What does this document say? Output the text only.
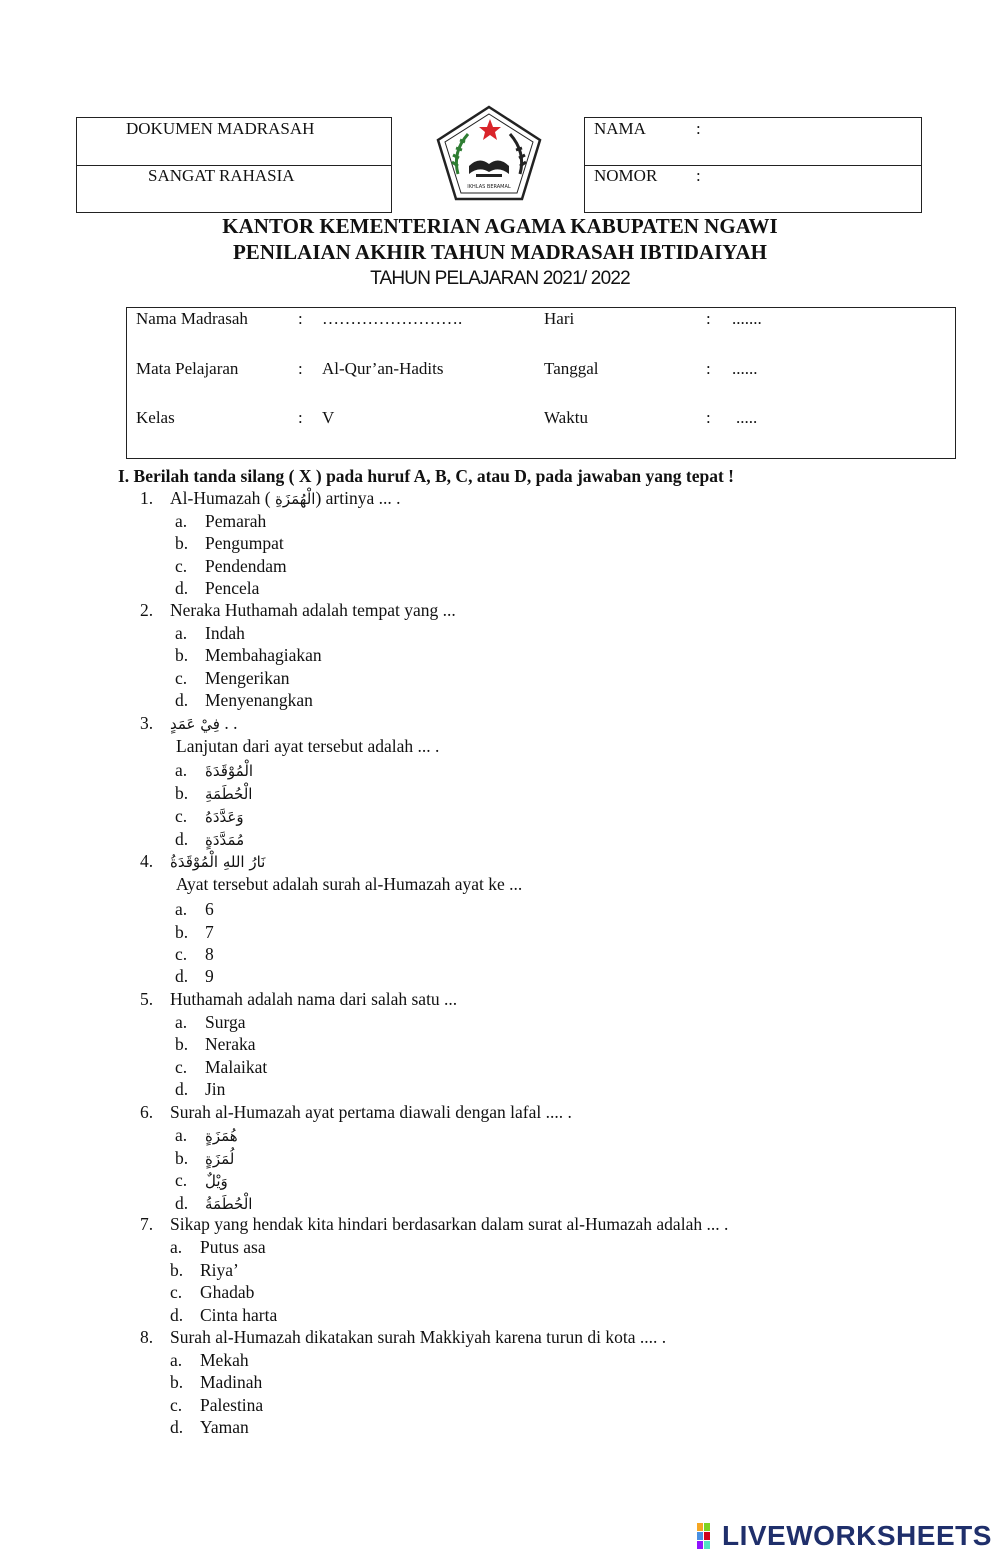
DOKUMEN MADRASAH
SANGAT RAHASIA
IKHLAS BERAMAL
NAMA	:
NOMOR :
KANTOR KEMENTERIAN AGAMA KABUPATEN NGAWI
PENILAIAN AKHIR TAHUN MADRASAH IBTIDAIYAH
TAHUN PELAJARAN 2021/ 2022
Nama Madrasah	: …………………….	Hari	: .......
Mata Pelajaran	: Al-Qur’an-Hadits	Tanggal	: ......
Kelas	: V	Waktu	: .....
I. Berilah tanda silang ( X ) pada huruf A, B, C, atau D, pada jawaban yang tepat !
1. Al-Humazah ( الْهُمَزَةِ) artinya ... .
a. Pemarah
b. Pengumpat
c. Pendendam
d. Pencela
2. Neraka Huthamah adalah tempat yang ...
a. Indah
b. Membahagiakan
c. Mengerikan
d. Menyenangkan
3. فِيْ عَمَدٍ . .
Lanjutan dari ayat tersebut adalah ... .
a. الْمُوْقَدَةَ
b. الْحُطَمَةِ
c. وَعَدَّدَهُ
d. مُمَدَّدَةٍ
4. نَارُ اللهِ الْمُوْقَدَةُ
Ayat tersebut adalah surah al-Humazah ayat ke ...
a. 6
b. 7
c. 8
d. 9
5. Huthamah adalah nama dari salah satu ...
a. Surga
b. Neraka
c. Malaikat
d. Jin
6. Surah al-Humazah ayat pertama diawali dengan lafal .... .
a. هُمَزَةٍ
b. لُمَزَةٍ
c. وَيْلٌ
d. الْحُطَمَةُ
7. Sikap yang hendak kita hindari berdasarkan dalam surat al-Humazah adalah ... .
a. Putus asa
b. Riya’
c. Ghadab
d. Cinta harta
8. Surah al-Humazah dikatakan surah Makkiyah karena turun di kota .... .
a. Mekah
b. Madinah
c. Palestina
d. Yaman
LIVEWORKSHEETS
